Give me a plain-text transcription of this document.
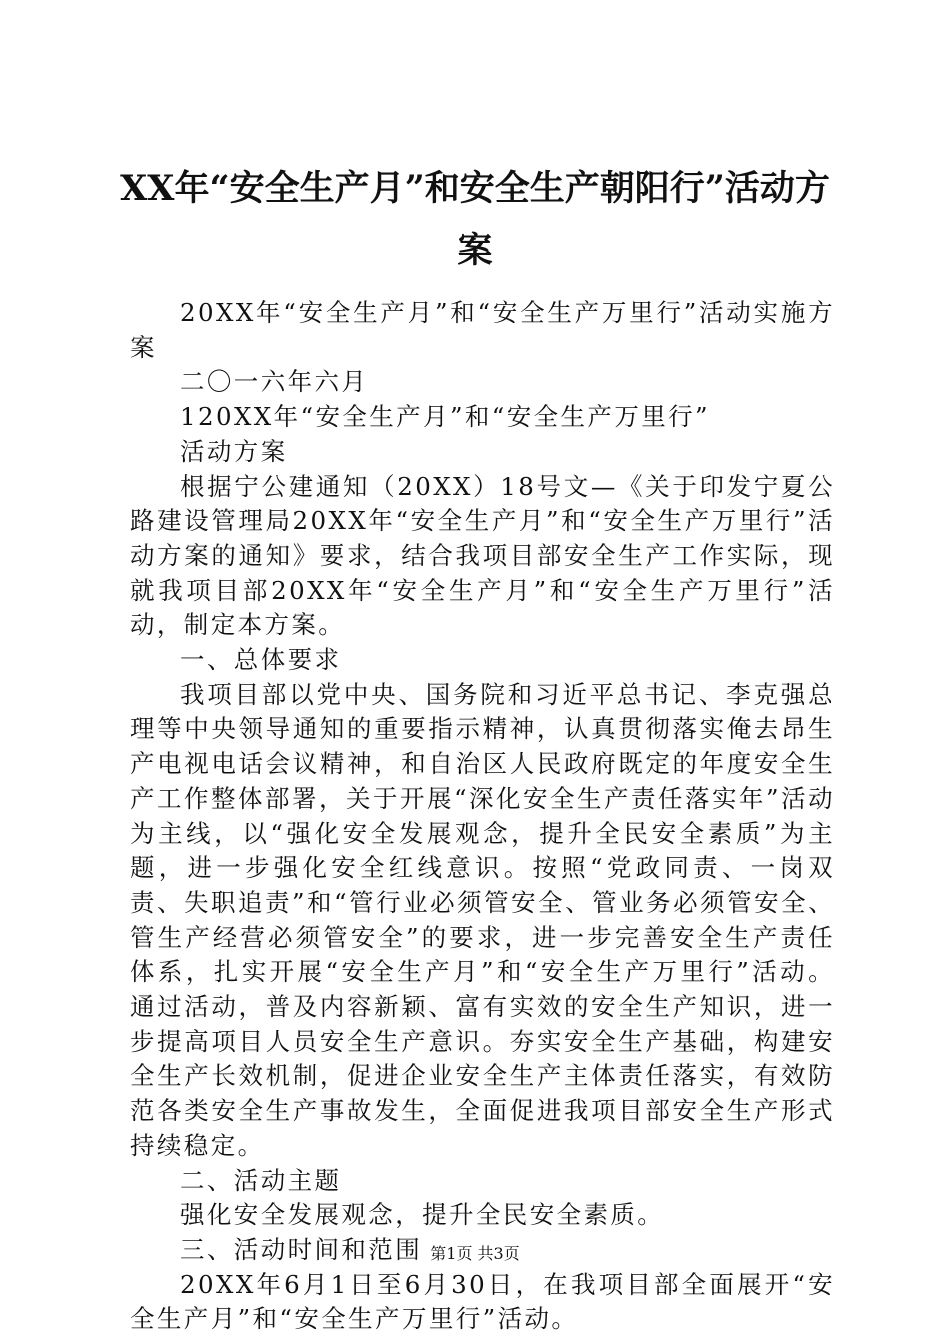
XX年“安全生产月”和安全生产朝阳行”活动方案

20XX年“安全生产月”和“安全生产万里行”活动实施方案

二〇一六年六月

120XX年“安全生产月”和“安全生产万里行”

活动方案

根据宁公建通知（20XX）18号文—《关于印发宁夏公路建设管理局20XX年“安全生产月”和“安全生产万里行”活动方案的通知》要求，结合我项目部安全生产工作实际，现就我项目部20XX年“安全生产月”和“安全生产万里行”活动，制定本方案。

一、总体要求

我项目部以党中央、国务院和习近平总书记、李克强总理等中央领导通知的重要指示精神，认真贯彻落实俺去昂生产电视电话会议精神，和自治区人民政府既定的年度安全生产工作整体部署，关于开展“深化安全生产责任落实年”活动为主线，以“强化安全发展观念，提升全民安全素质”为主题，进一步强化安全红线意识。按照“党政同责、一岗双责、失职追责”和“管行业必须管安全、管业务必须管安全、管生产经营必须管安全”的要求，进一步完善安全生产责任体系，扎实开展“安全生产月”和“安全生产万里行”活动。通过活动，普及内容新颖、富有实效的安全生产知识，进一步提高项目人员安全生产意识。夯实安全生产基础，构建安全生产长效机制，促进企业安全生产主体责任落实，有效防范各类安全生产事故发生，全面促进我项目部安全生产形式持续稳定。

二、活动主题

强化安全发展观念，提升全民安全素质。

三、活动时间和范围

20XX年6月1日至6月30日，在我项目部全面展开“安全生产月”和“安全生产万里行”活动。

第1页 共3页
